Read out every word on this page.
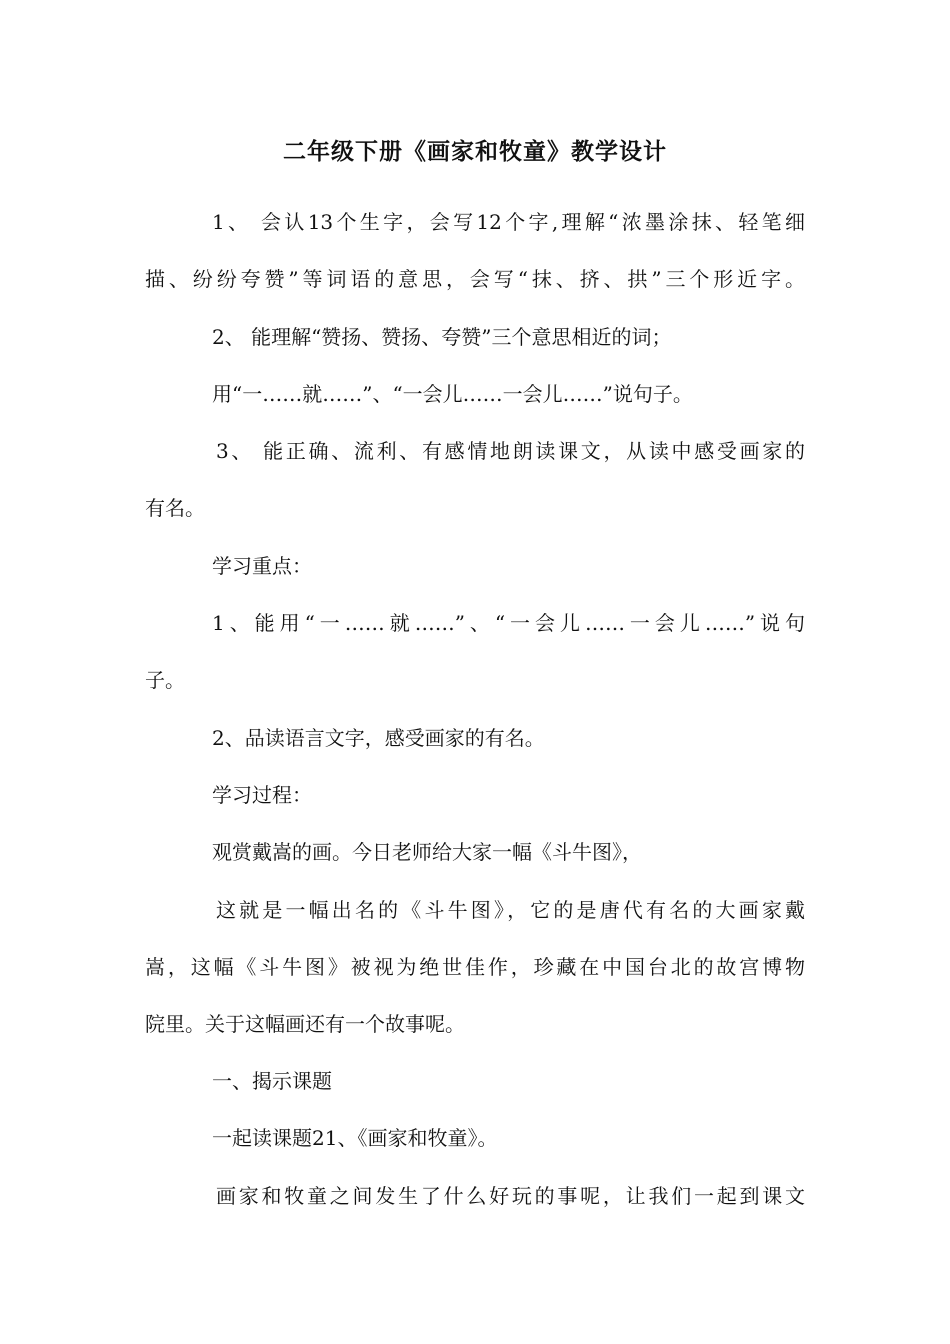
二年级下册《画家和牧童》教学设计
1、 会认13个生字，会写12个字,理解“浓墨涂抹、轻笔细
描、纷纷夸赞”等词语的意思，会写“抹、挤、拱”三个形近字。
2、 能理解“赞扬、赞扬、夸赞”三个意思相近的词；
用“一……就……”、“一会儿……一会儿……”说句子。
3、 能正确、流利、有感情地朗读课文，从读中感受画家的
有名。
学习重点：
1、能用“一……就……”、“一会儿……一会儿……”说句
子。
2、品读语言文字，感受画家的有名。
学习过程：
观赏戴嵩的画。今日老师给大家一幅《斗牛图》，
这就是一幅出名的《斗牛图》，它的是唐代有名的大画家戴
嵩，这幅《斗牛图》被视为绝世佳作，珍藏在中国台北的故宫博物
院里。关于这幅画还有一个故事呢。
一、揭示课题
一起读课题21、《画家和牧童》。
画家和牧童之间发生了什么好玩的事呢，让我们一起到课文
